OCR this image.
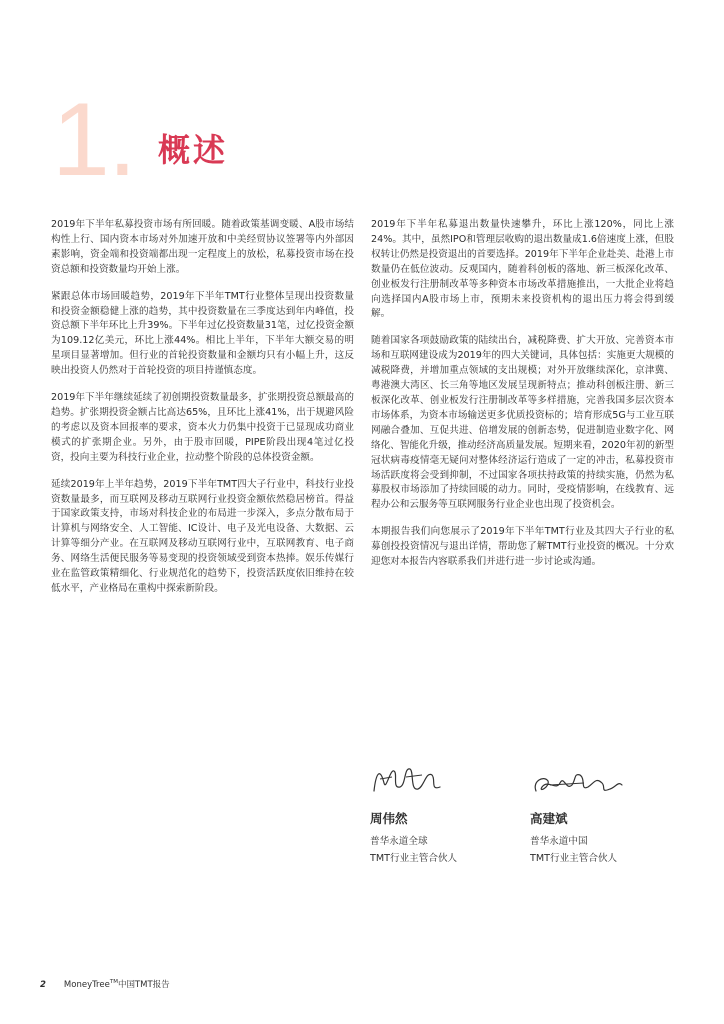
1. 概述

2019年下半年私募投资市场有所回暖。随着政策基调变暖、A股市场结构性上行、国内资本市场对外加速开放和中美经贸协议签署等内外部因素影响，资金端和投资端都出现一定程度上的放松，私募投资市场在投资总额和投资数量均开始上涨。

紧跟总体市场回暖趋势，2019年下半年TMT行业整体呈现出投资数量和投资金额稳健上涨的趋势，其中投资数量在三季度达到年内峰值，投资总额下半年环比上升39%。下半年过亿投资数量31笔，过亿投资金额为109.12亿美元，环比上涨44%。相比上半年，下半年大额交易的明星项目显著增加。但行业的首轮投资数量和金额均只有小幅上升，这反映出投资人仍然对于首轮投资的项目持谨慎态度。

2019年下半年继续延续了初创期投资数量最多，扩张期投资总额最高的趋势。扩张期投资金额占比高达65%，且环比上涨41%，出于规避风险的考虑以及资本回报率的要求，资本火力仍集中投资于已显现成功商业模式的扩张期企业。另外，由于股市回暖，PIPE阶段出现4笔过亿投资，投向主要为科技行业企业，拉动整个阶段的总体投资金额。

延续2019年上半年趋势，2019下半年TMT四大子行业中，科技行业投资数量最多，而互联网及移动互联网行业投资金额依然稳居榜首。得益于国家政策支持，市场对科技企业的布局进一步深入，多点分散布局于计算机与网络安全、人工智能、IC设计、电子及光电设备、大数据、云计算等细分产业。在互联网及移动互联网行业中，互联网教育、电子商务、网络生活便民服务等易变现的投资领域受到资本热捧。娱乐传媒行业在监管政策精细化、行业规范化的趋势下，投资活跃度依旧维持在较低水平，产业格局在重构中探索新阶段。

2019年下半年私募退出数量快速攀升，环比上涨120%，同比上涨24%。其中，虽然IPO和管理层收购的退出数量成1.6倍速度上涨，但股权转让仍然是投资退出的首要选择。2019年下半年企业赴美、赴港上市数量仍在低位波动。反观国内，随着科创板的落地、新三板深化改革、创业板发行注册制改革等多种资本市场改革措施推出，一大批企业将趋向选择国内A股市场上市，预期未来投资机构的退出压力将会得到缓解。

随着国家各项鼓励政策的陆续出台，减税降费、扩大开放、完善资本市场和互联网建设成为2019年的四大关键词，具体包括：实施更大规模的减税降费，并增加重点领域的支出规模；对外开放继续深化，京津冀、粤港澳大湾区、长三角等地区发展呈现新特点；推动科创板注册、新三板深化改革、创业板发行注册制改革等多样措施，完善我国多层次资本市场体系，为资本市场输送更多优质投资标的；培育形成5G与工业互联网融合叠加、互促共进、倍增发展的创新态势，促进制造业数字化、网络化、智能化升级，推动经济高质量发展。短期来看，2020年初的新型冠状病毒疫情毫无疑问对整体经济运行造成了一定的冲击，私募投资市场活跃度将会受到抑制，不过国家各项扶持政策的持续实施，仍然为私募股权市场添加了持续回暖的动力。同时，受疫情影响，在线教育、远程办公和云服务等互联网服务行业企业也出现了投资机会。

本期报告我们向您展示了2019年下半年TMT行业及其四大子行业的私募创投投资情况与退出详情，帮助您了解TMT行业投资的概况。十分欢迎您对本报告内容联系我们并进行进一步讨论或沟通。

周伟然
普华永道全球
TMT行业主管合伙人
高建斌
普华永道中国
TMT行业主管合伙人
2 MoneyTree™中国TMT报告
